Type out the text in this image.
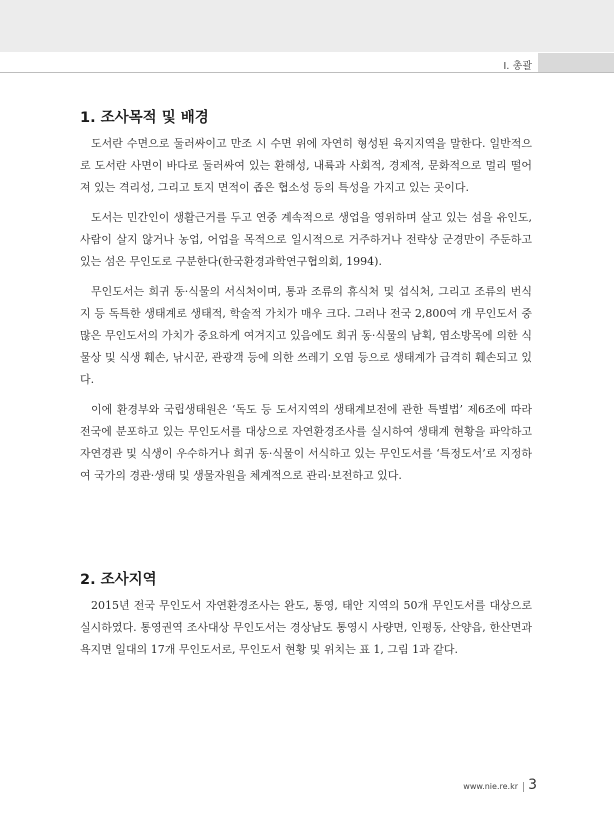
Ⅰ. 총괄
1. 조사목적 및 배경

도서란 수면으로 둘러싸이고 만조 시 수면 위에 자연히 형성된 육지지역을 말한다. 일반적으로 도서란 사면이 바다로 둘러싸여 있는 환해성, 내륙과 사회적, 경제적, 문화적으로 멀리 떨어져 있는 격리성, 그리고 토지 면적이 좁은 협소성 등의 특성을 가지고 있는 곳이다.

도서는 민간인이 생활근거를 두고 연중 계속적으로 생업을 영위하며 살고 있는 섬을 유인도, 사람이 살지 않거나 농업, 어업을 목적으로 일시적으로 거주하거나 전략상 군경만이 주둔하고 있는 섬은 무인도로 구분한다(한국환경과학연구협의회, 1994).

무인도서는 희귀 동·식물의 서식처이며, 통과 조류의 휴식처 및 섭식처, 그리고 조류의 번식지 등 독특한 생태계로 생태적, 학술적 가치가 매우 크다. 그러나 전국 2,800여 개 무인도서 중 많은 무인도서의 가치가 중요하게 여겨지고 있음에도 희귀 동·식물의 남획, 염소방목에 의한 식물상 및 식생 훼손, 낚시꾼, 관광객 등에 의한 쓰레기 오염 등으로 생태계가 급격히 훼손되고 있다.

이에 환경부와 국립생태원은 ‘독도 등 도서지역의 생태계보전에 관한 특별법’ 제6조에 따라 전국에 분포하고 있는 무인도서를 대상으로 자연환경조사를 실시하여 생태계 현황을 파악하고 자연경관 및 식생이 우수하거나 희귀 동·식물이 서식하고 있는 무인도서를 ‘특정도서’로 지정하여 국가의 경관·생태 및 생물자원을 체계적으로 관리·보전하고 있다.

2. 조사지역

2015년 전국 무인도서 자연환경조사는 완도, 통영, 태안 지역의 50개 무인도서를 대상으로 실시하였다. 통영권역 조사대상 무인도서는 경상남도 통영시 사량면, 인평동, 산양읍, 한산면과 욕지면 일대의 17개 무인도서로, 무인도서 현황 및 위치는 표 1, 그림 1과 같다.

www.nie.re.kr 3
